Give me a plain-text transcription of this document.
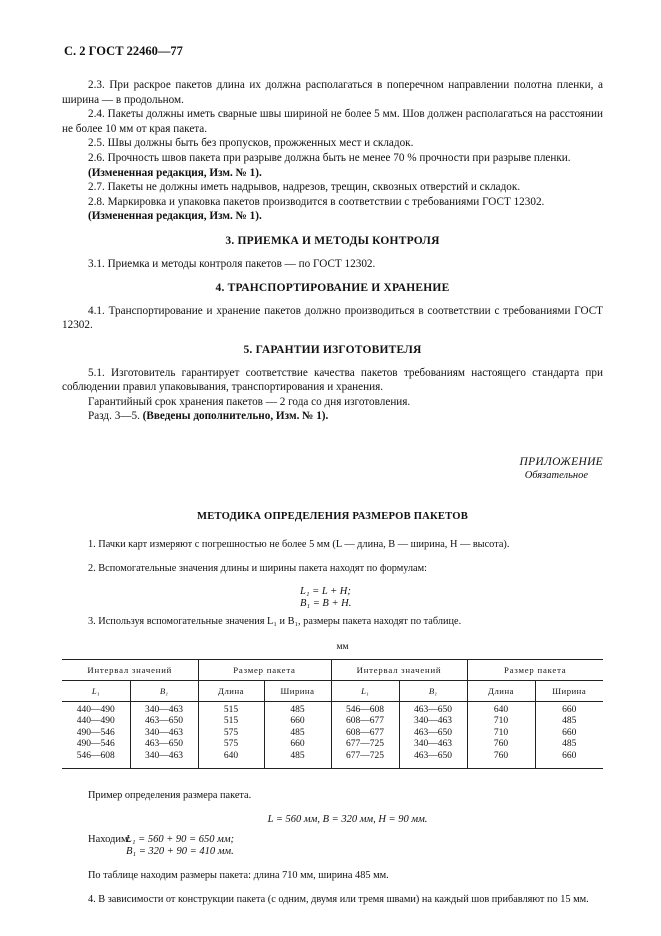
С. 2 ГОСТ 22460—77

2.3. При раскрое пакетов длина их должна располагаться в поперечном направлении полотна пленки, а ширина — в продольном.

2.4. Пакеты должны иметь сварные швы шириной не более 5 мм. Шов должен располагаться на расстоянии не более 10 мм от края пакета.

2.5. Швы должны быть без пропусков, прожженных мест и складок.

2.6. Прочность швов пакета при разрыве должна быть не менее 70 % прочности при разрыве пленки.

(Измененная редакция, Изм. № 1).

2.7. Пакеты не должны иметь надрывов, надрезов, трещин, сквозных отверстий и складок.

2.8. Маркировка и упаковка пакетов производится в соответствии с требованиями ГОСТ 12302.

(Измененная редакция, Изм. № 1).

3. ПРИЕМКА И МЕТОДЫ КОНТРОЛЯ

3.1. Приемка и методы контроля пакетов — по ГОСТ 12302.

4. ТРАНСПОРТИРОВАНИЕ И ХРАНЕНИЕ

4.1. Транспортирование и хранение пакетов должно производиться в соответствии с требованиями ГОСТ 12302.

5. ГАРАНТИИ ИЗГОТОВИТЕЛЯ

5.1. Изготовитель гарантирует соответствие качества пакетов требованиям настоящего стандарта при соблюдении правил упаковывания, транспортирования и хранения.

Гарантийный срок хранения пакетов — 2 года со дня изготовления.

Разд. 3—5. (Введены дополнительно, Изм. № 1).

ПРИЛОЖЕНИЕ
Обязательное
МЕТОДИКА ОПРЕДЕЛЕНИЯ РАЗМЕРОВ ПАКЕТОВ

1. Пачки карт измеряют с погрешностью не более 5 мм (L — длина, B — ширина, H — высота).

2. Вспомогательные значения длины и ширины пакета находят по формулам:

L₁ = L + H;
B₁ = B + H.

3. Используя вспомогательные значения L₁ и B₁, размеры пакета находят по таблице.

мм
Интервал значений		Размер пакета		Интервал значений		Размер пакета	
L₁	B₁	Длина	Ширина	L₁	B₁	Длина	Ширина
440—490	340—463	515	485	546—608	463—650	640	660
440—490	463—650	515	660	608—677	340—463	710	485
490—546	340—463	575	485	608—677	463—650	710	660
490—546	463—650	575	660	677—725	340—463	760	485
546—608	340—463	640	485	677—725	463—650	760	660

Пример определения размера пакета.

L = 560 мм, B = 320 мм, H = 90 мм.
Находим:L₁ = 560 + 90 = 650 мм;
B₁ = 320 + 90 = 410 мм.

По таблице находим размеры пакета: длина 710 мм, ширина 485 мм.

4. В зависимости от конструкции пакета (с одним, двумя или тремя швами) на каждый шов прибавляют по 15 мм.
